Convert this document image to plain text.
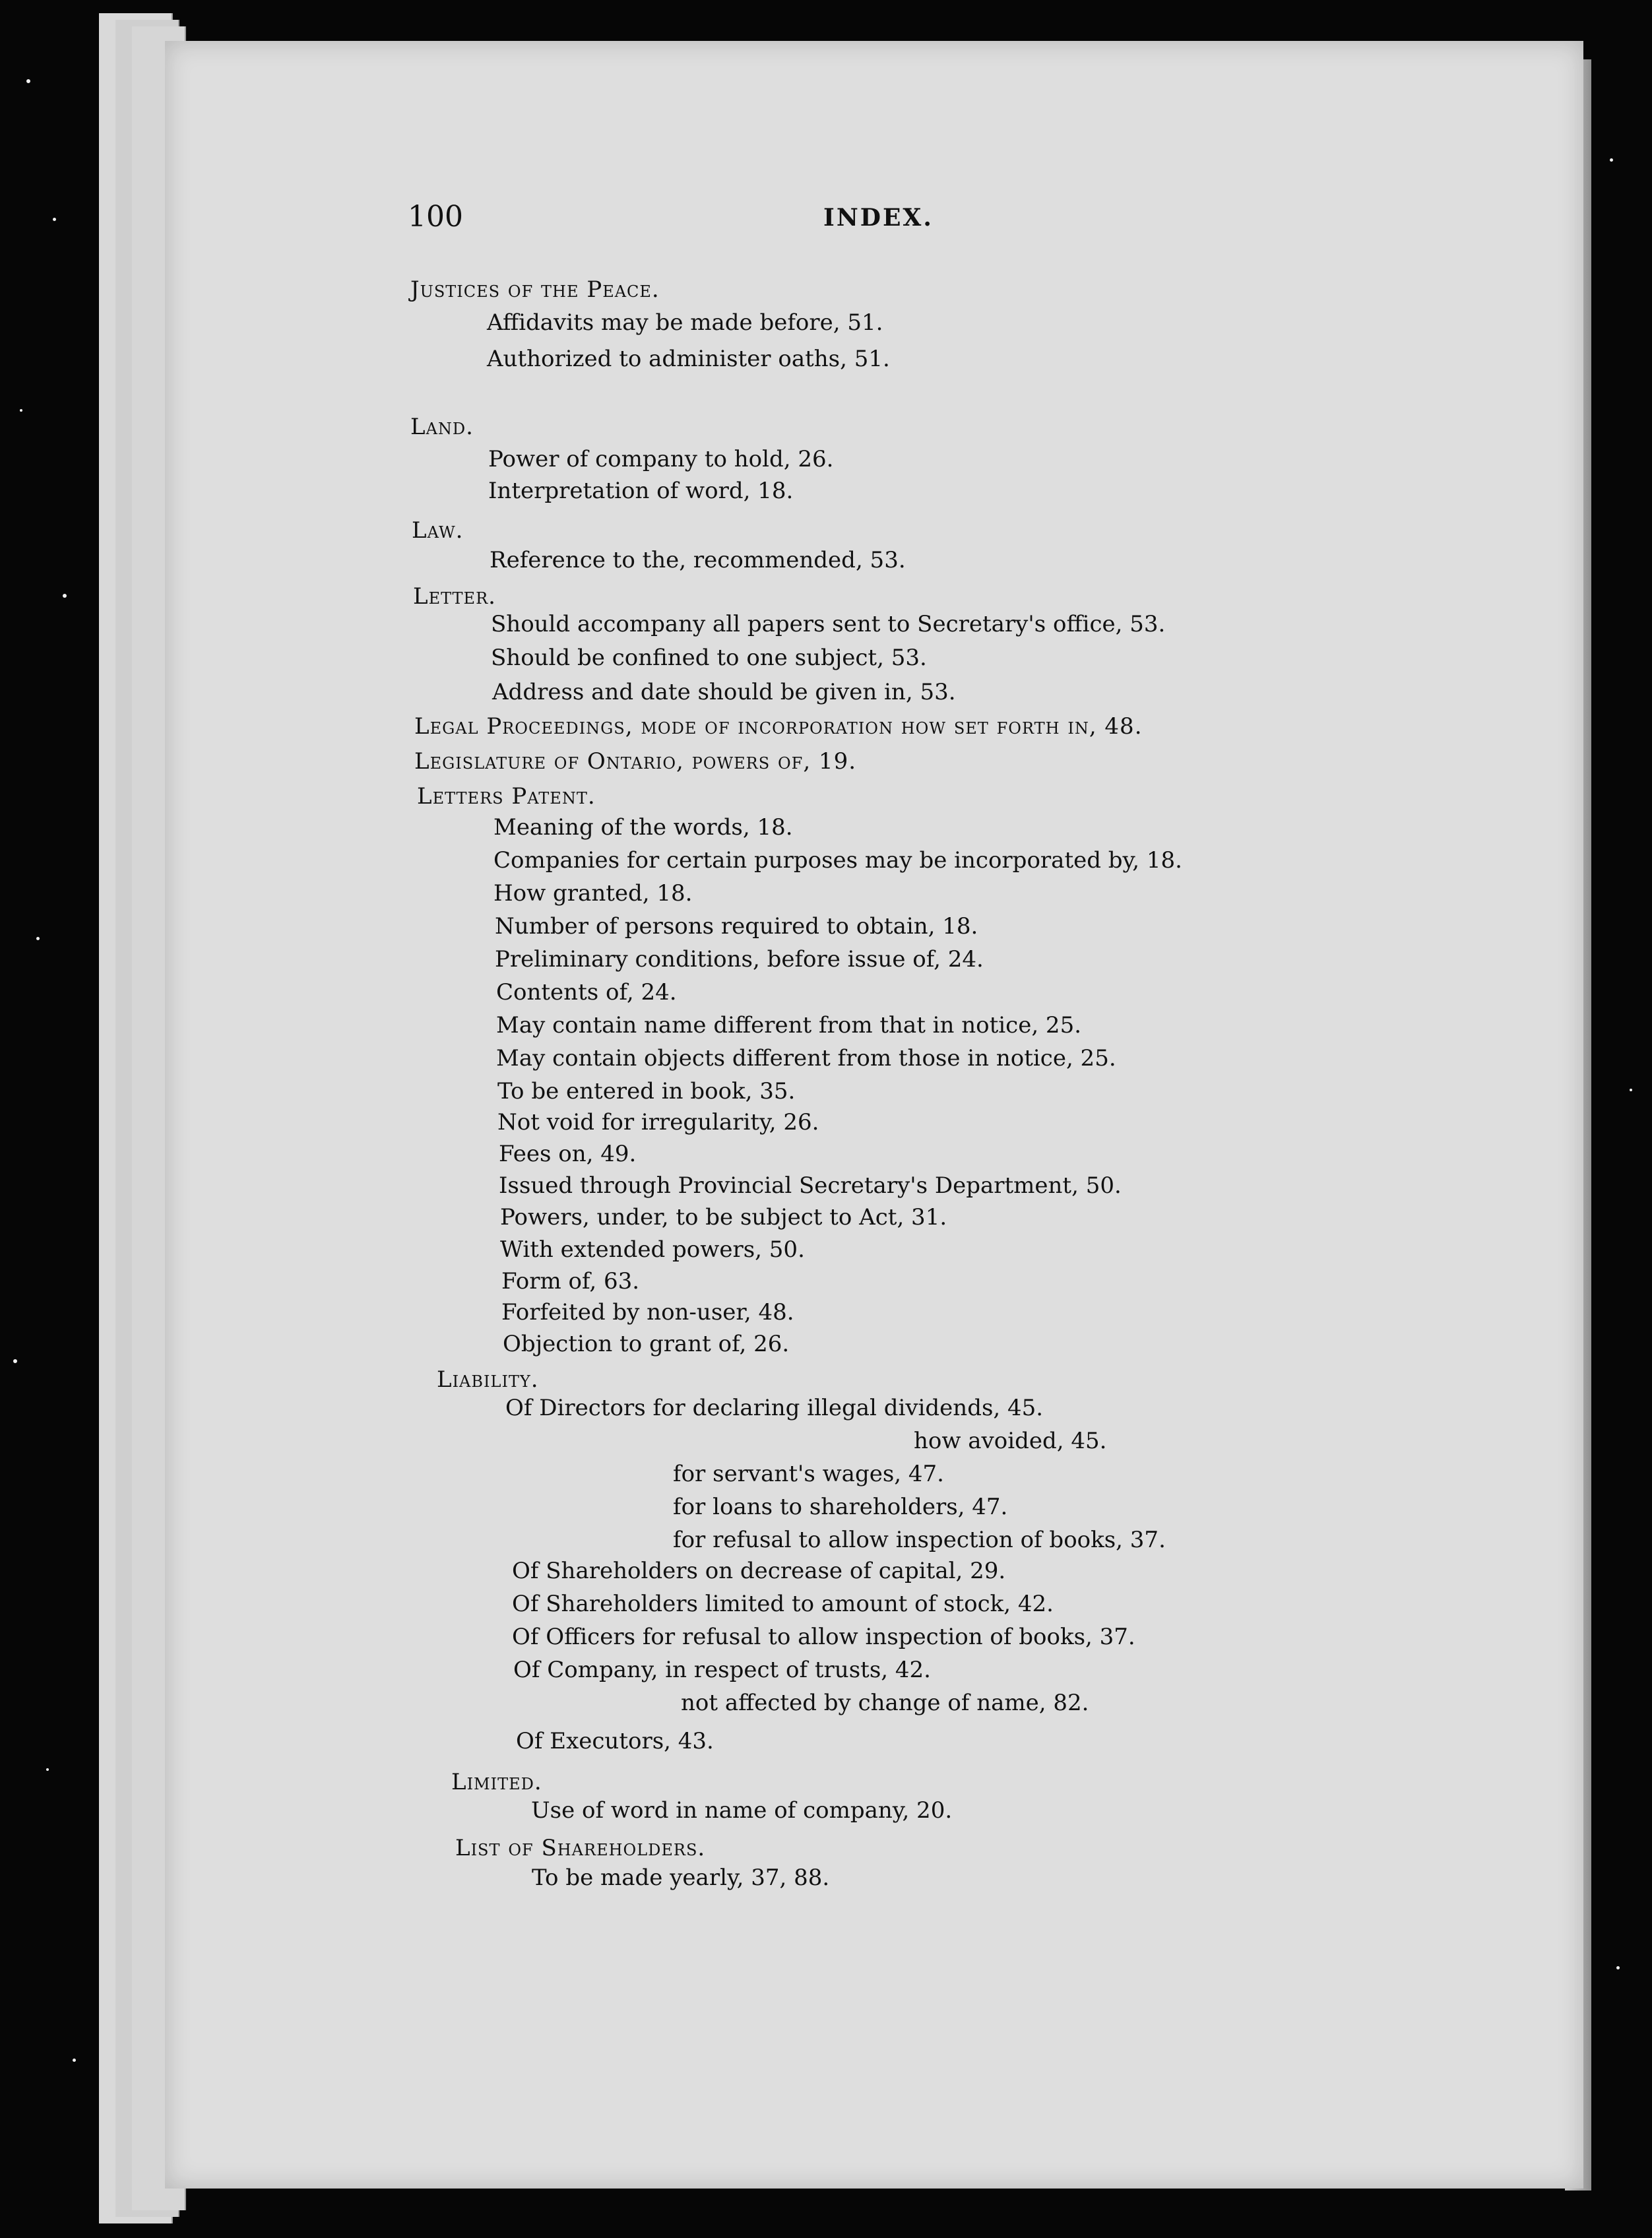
100	INDEX.
Justices of the Peace.
Affidavits may be made before, 51.
Authorized to administer oaths, 51.
Land.
Power of company to hold, 26.
Interpretation of word, 18.
Law.
Reference to the, recommended, 53.
Letter.
Should accompany all papers sent to Secretary's office, 53.
Should be confined to one subject, 53.
Address and date should be given in, 53.
Legal Proceedings, mode of incorporation how set forth in, 48.
Legislature of Ontario, powers of, 19.
Letters Patent.
Meaning of the words, 18.
Companies for certain purposes may be incorporated by, 18.
How granted, 18.
Number of persons required to obtain, 18.
Preliminary conditions, before issue of, 24.
Contents of, 24.
May contain name different from that in notice, 25.
May contain objects different from those in notice, 25.
To be entered in book, 35.
Not void for irregularity, 26.
Fees on, 49.
Issued through Provincial Secretary's Department, 50.
Powers, under, to be subject to Act, 31.
With extended powers, 50.
Form of, 63.
Forfeited by non-user, 48.
Objection to grant of, 26.
Liability.
Of Directors for declaring illegal dividends, 45.
how avoided, 45.
for servant's wages, 47.
for loans to shareholders, 47.
for refusal to allow inspection of books, 37.
Of Shareholders on decrease of capital, 29.
Of Shareholders limited to amount of stock, 42.
Of Officers for refusal to allow inspection of books, 37.
Of Company, in respect of trusts, 42.
not affected by change of name, 82.
Of Executors, 43.
Limited.
Use of word in name of company, 20.
List of Shareholders.
To be made yearly, 37, 88.
